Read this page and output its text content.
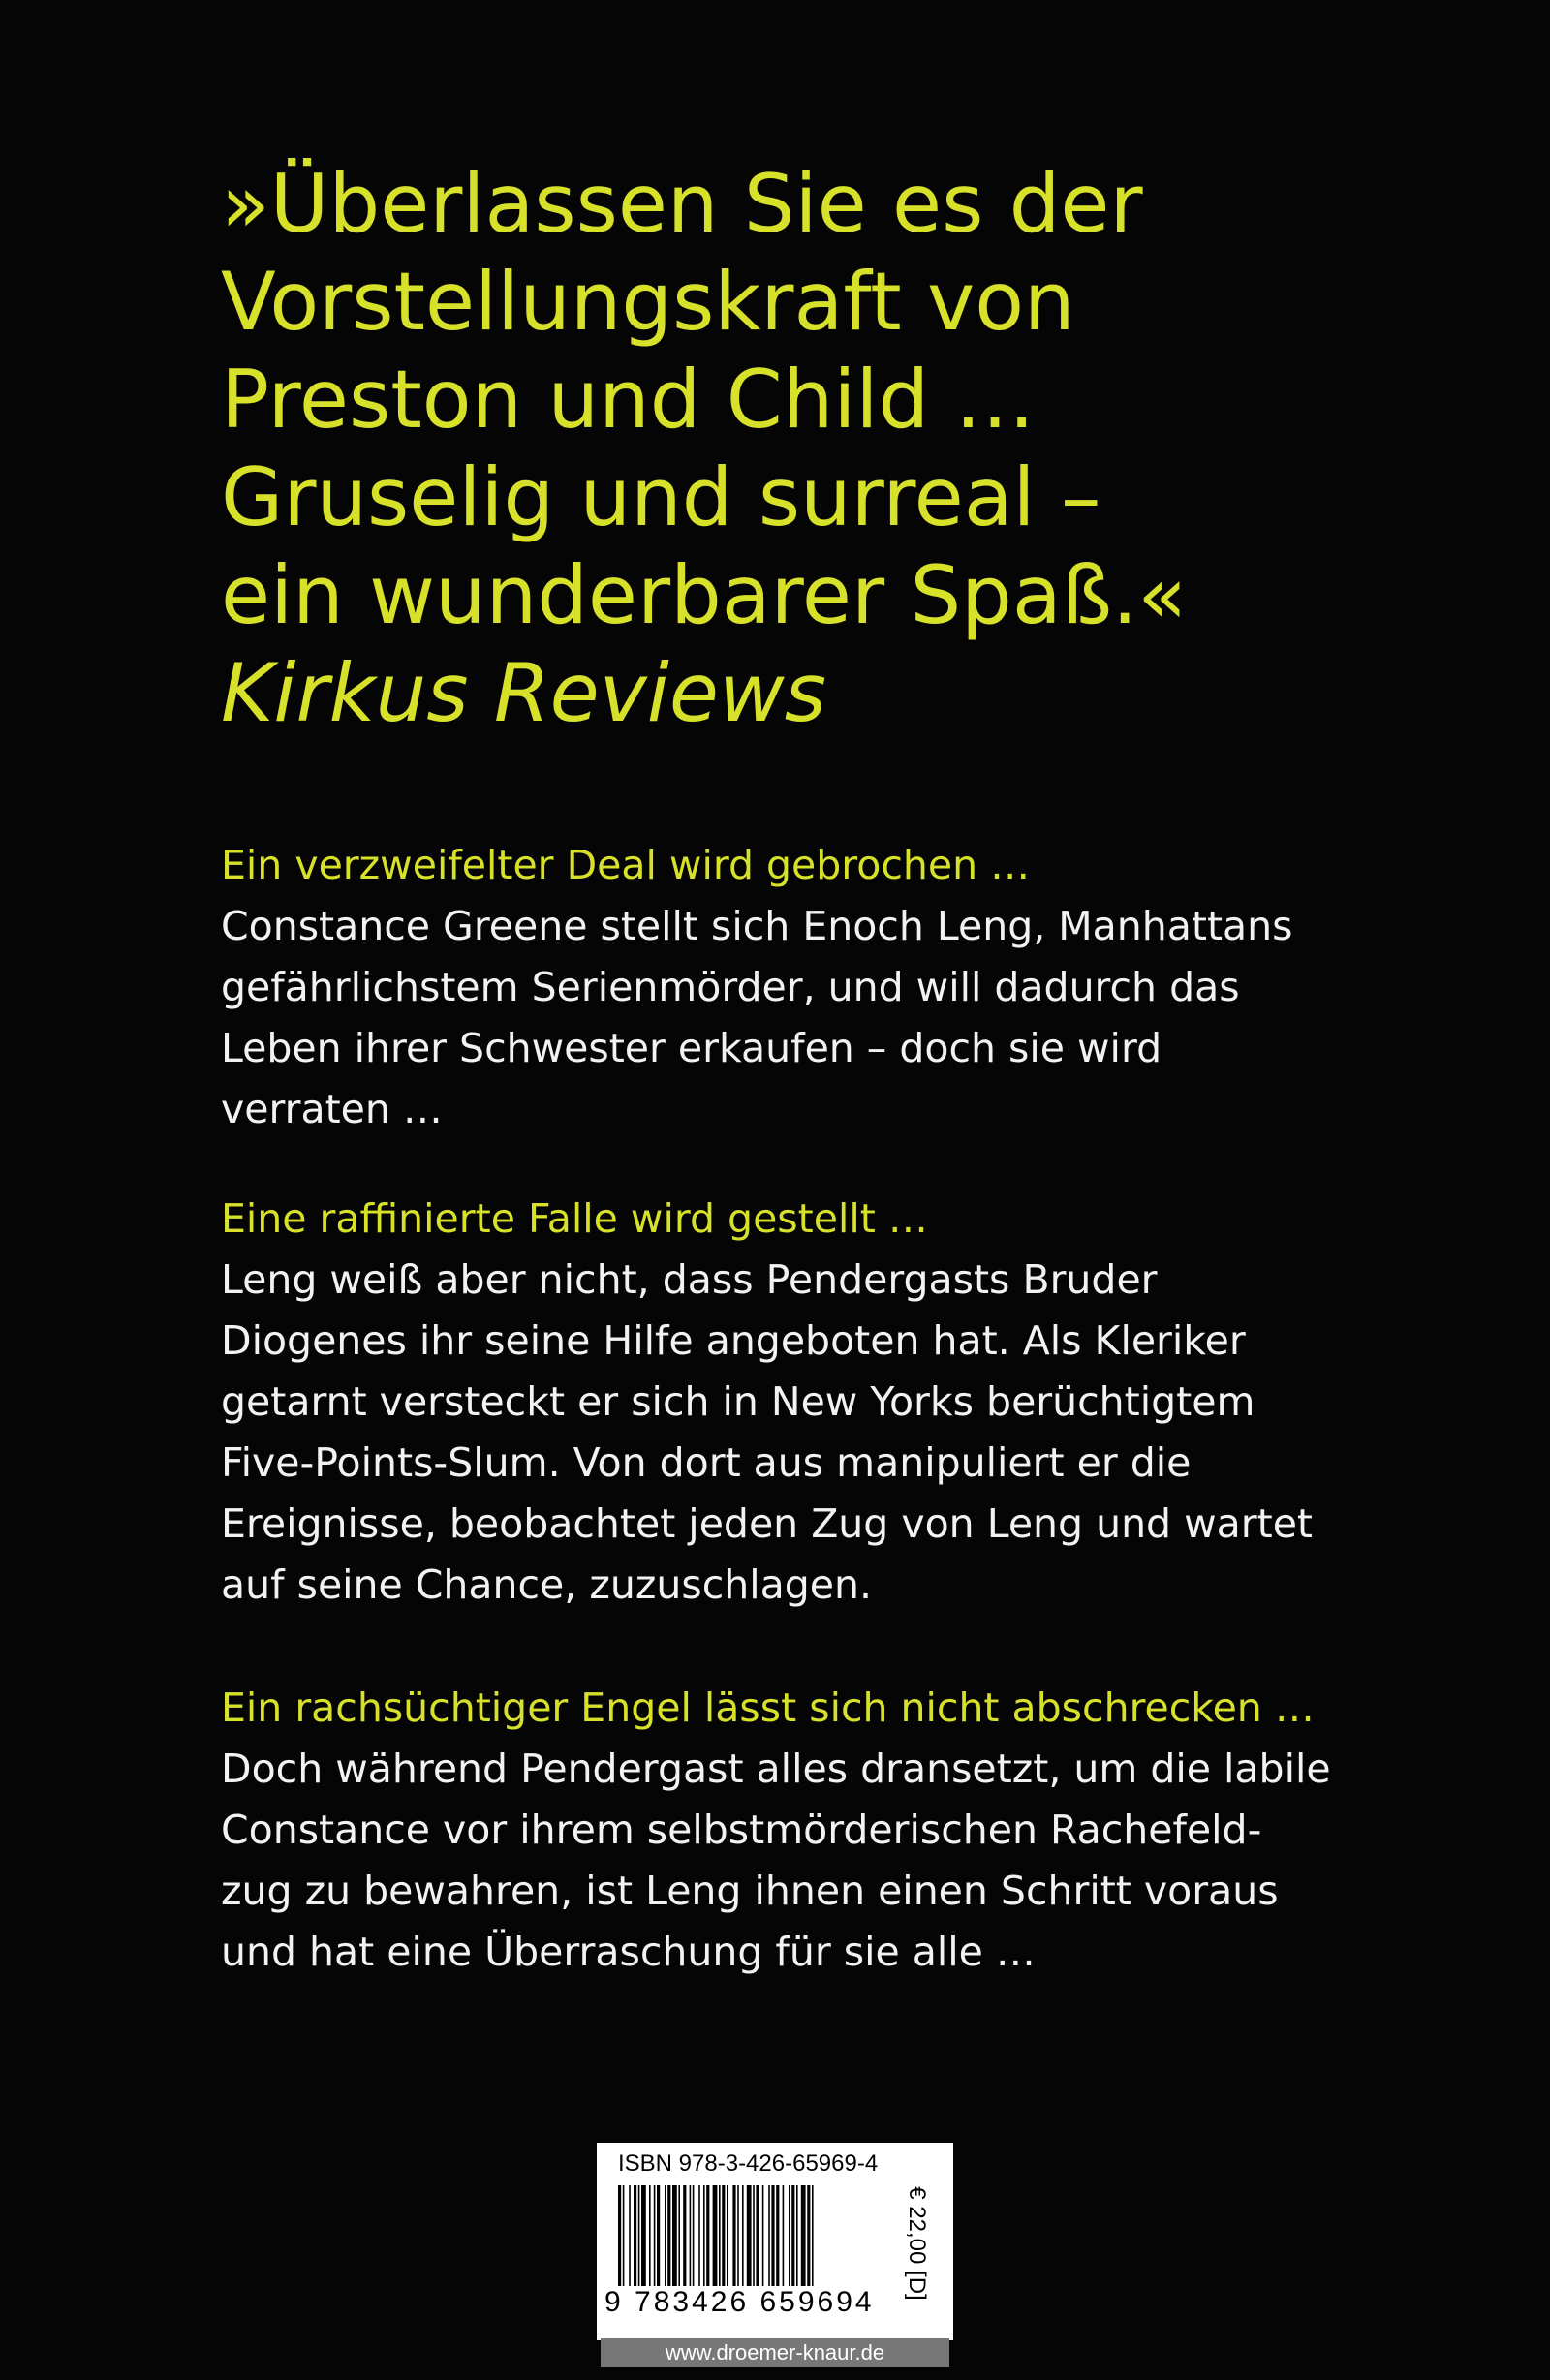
»Überlassen Sie es der
Vorstellungskraft von
Preston und Child …
Gruselig und surreal –
ein wunderbarer Spaß.«
Kirkus Reviews
Ein verzweifelter Deal wird gebrochen …
Constance Greene stellt sich Enoch Leng, Manhattans
gefährlichstem Serienmörder, und will dadurch das
Leben ihrer Schwester erkaufen – doch sie wird
verraten …
Eine raffinierte Falle wird gestellt …
Leng weiß aber nicht, dass Pendergasts Bruder
Diogenes ihr seine Hilfe angeboten hat. Als Kleriker
getarnt versteckt er sich in New Yorks berüchtigtem
Five-Points-Slum. Von dort aus manipuliert er die
Ereignisse, beobachtet jeden Zug von Leng und wartet
auf seine Chance, zuzuschlagen.
Ein rachsüchtiger Engel lässt sich nicht abschrecken …
Doch während Pendergast alles dransetzt, um die labile
Constance vor ihrem selbstmörderischen Rachefeld-
zug zu bewahren, ist Leng ihnen einen Schritt voraus
und hat eine Überraschung für sie alle …
ISBN 978-3-426-65969-4
9 783426 659694
€ 22,00 [D]
www.droemer-knaur.de
